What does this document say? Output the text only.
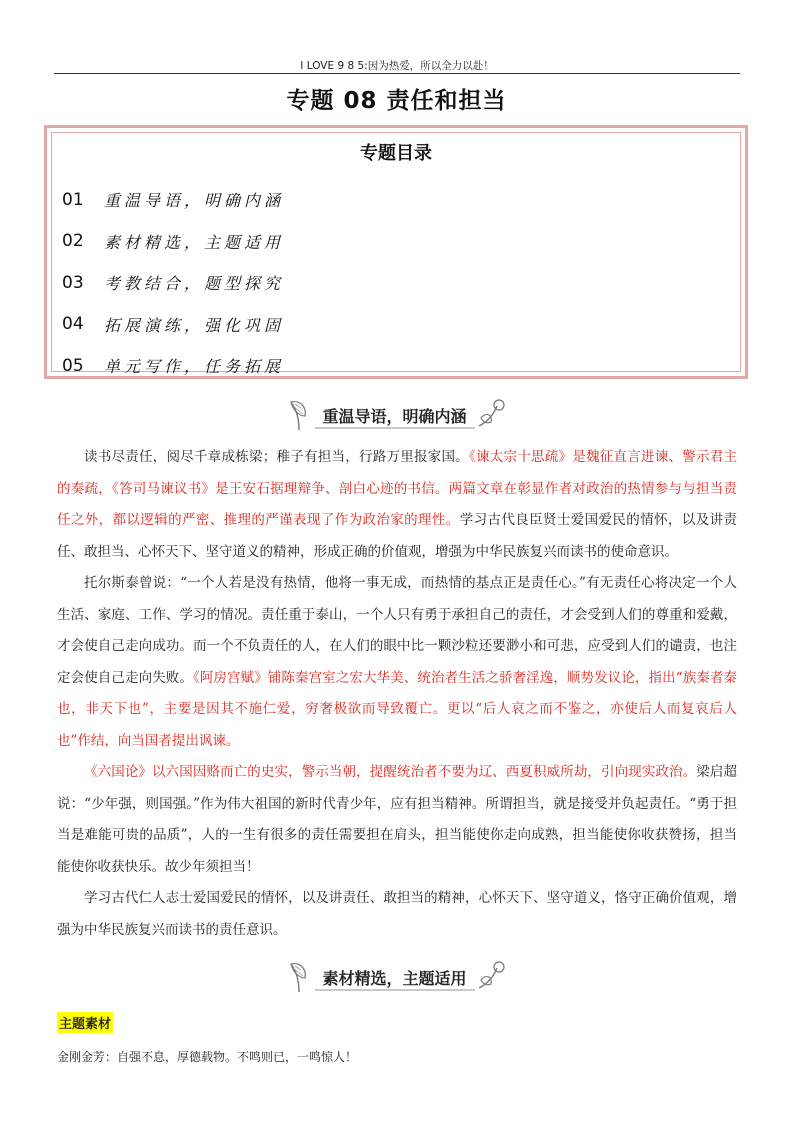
I LOVE 9 8 5:因为热爱，所以全力以赴！
专题 08 责任和担当
专题目录
01	重温导语，明确内涵
02	素材精选，主题适用
03	考教结合，题型探究
04	拓展演练，强化巩固
05	单元写作，任务拓展
重温导语，明确内涵
读书尽责任，阅尽千章成栋梁；稚子有担当，行路万里报家国。《谏太宗十思疏》是魏征直言进谏、警示君主的奏疏，《答司马谏议书》是王安石据理辩争、剖白心迹的书信。两篇文章在彰显作者对政治的热情参与与担当责任之外，都以逻辑的严密、推理的严谨表现了作为政治家的理性。学习古代良臣贤士爱国爱民的情怀，以及讲责任、敢担当、心怀天下、坚守道义的精神，形成正确的价值观，增强为中华民族复兴而读书的使命意识。
托尔斯泰曾说：“一个人若是没有热情，他将一事无成，而热情的基点正是责任心。”有无责任心将决定一个人生活、家庭、工作、学习的情况。责任重于泰山，一个人只有勇于承担自己的责任，才会受到人们的尊重和爱戴，才会使自己走向成功。而一个不负责任的人，在人们的眼中比一颗沙粒还要渺小和可悲，应受到人们的谴责，也注定会使自己走向失败。《阿房宫赋》铺陈秦宫室之宏大华美、统治者生活之骄奢淫逸，顺势发议论，指出“族秦者秦也，非天下也”，主要是因其不施仁爱，穷奢极欲而导致覆亡。更以“后人哀之而不鉴之，亦使后人而复哀后人也”作结，向当国者提出讽谏。
《六国论》以六国因赂而亡的史实，警示当朝，提醒统治者不要为辽、西夏积威所劫，引向现实政治。梁启超说：“少年强，则国强。”作为伟大祖国的新时代青少年，应有担当精神。所谓担当，就是接受并负起责任。“勇于担当是难能可贵的品质”，人的一生有很多的责任需要担在肩头，担当能使你走向成熟，担当能使你收获赞扬，担当能使你收获快乐。故少年须担当！
学习古代仁人志士爱国爱民的情怀，以及讲责任、敢担当的精神，心怀天下、坚守道义，恪守正确价值观，增强为中华民族复兴而读书的责任意识。
素材精选，主题适用
主题素材
金刚金芳：自强不息，厚德载物。不鸣则已，一鸣惊人！
